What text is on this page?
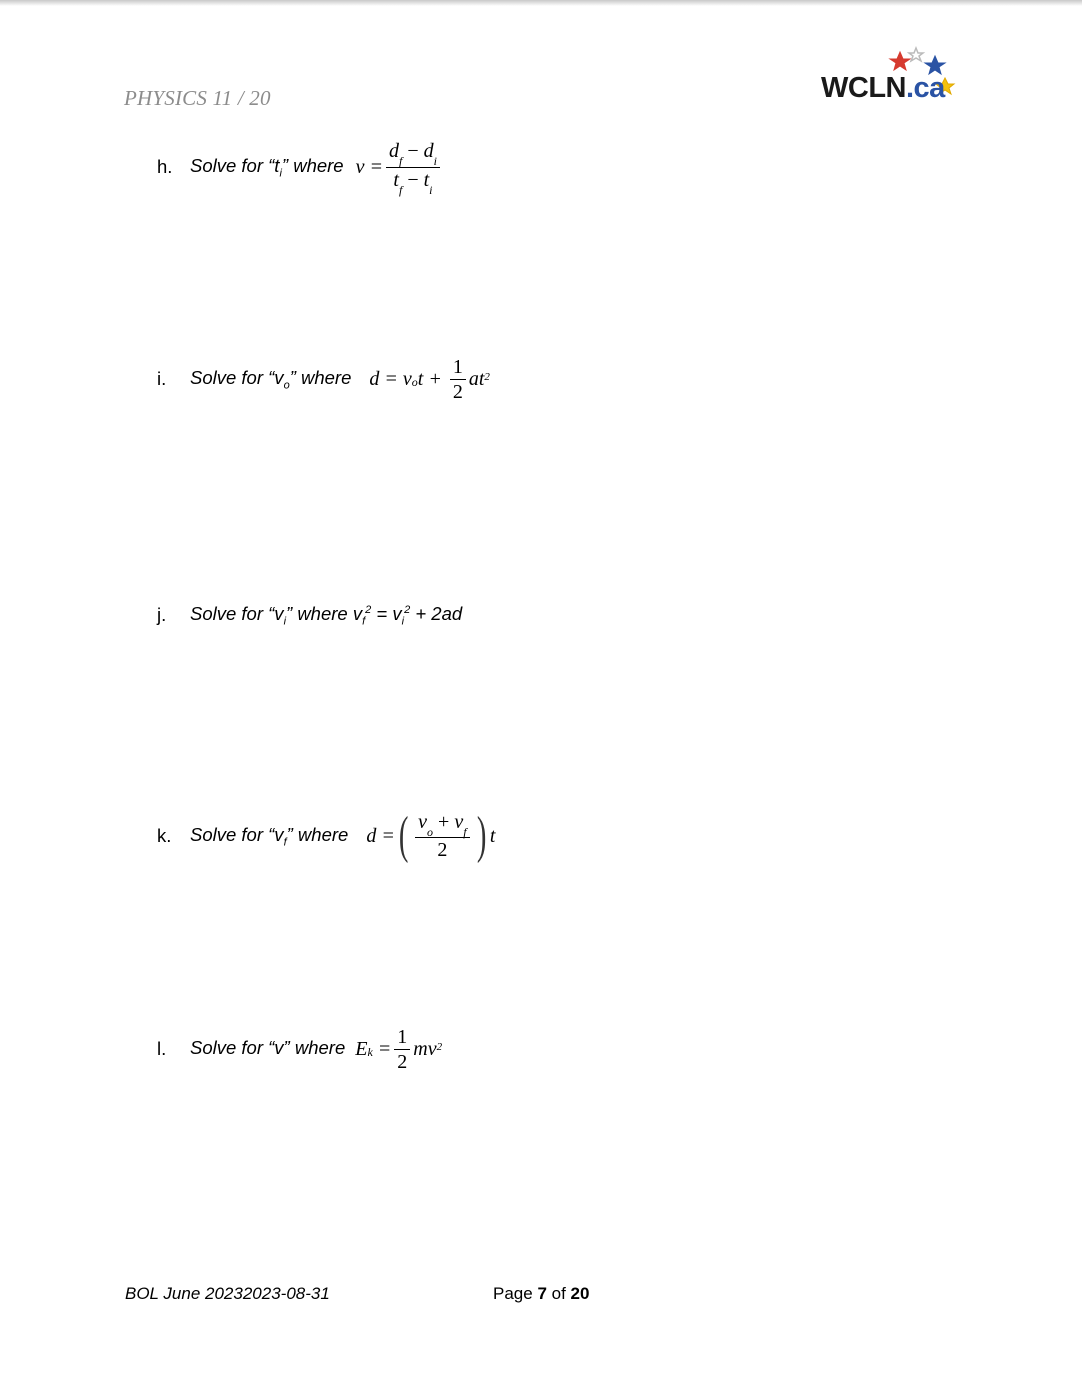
PHYSICS 11 / 20	WCLN.ca
h. Solve for “$t_i$” where $v = \frac{d_f - d_i}{t_f - t_i}$
i.	Solve for “$v_o$” where $d = v_o$ $t + \frac{1}{2} at^2$
j.	Solve for “$v_i$” where $v_f^2 = v_i^2 + 2ad$
k.	Solve for “$v_f$” where d = ( $\frac{v_o + v_f}{2}$ ) t
l.	Solve for “v” where $E_k = \frac{1}{2} mv^2$
BOL June 20232023-08-31	Page 7 of 20
